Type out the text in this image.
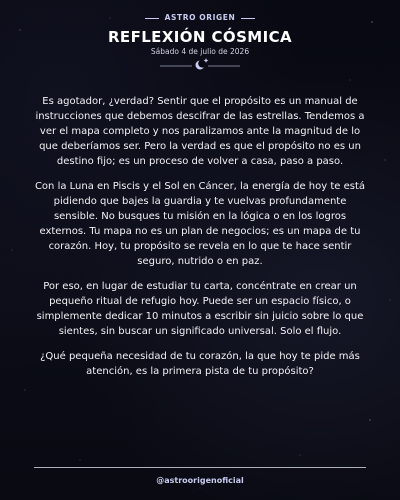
ASTRO ORIGEN
REFLEXIÓN CÓSMICA
Sábado 4 de julio de 2026

Es agotador, ¿verdad? Sentir que el propósito es un manual de instrucciones que debemos descifrar de las estrellas. Tendemos a ver el mapa completo y nos paralizamos ante la magnitud de lo que deberíamos ser. Pero la verdad es que el propósito no es un destino fijo; es un proceso de volver a casa, paso a paso.

Con la Luna en Piscis y el Sol en Cáncer, la energía de hoy te está pidiendo que bajes la guardia y te vuelvas profundamente sensible. No busques tu misión en la lógica o en los logros externos. Tu mapa no es un plan de negocios; es un mapa de tu corazón. Hoy, tu propósito se revela en lo que te hace sentir seguro, nutrido o en paz.

Por eso, en lugar de estudiar tu carta, concéntrate en crear un pequeño ritual de refugio hoy. Puede ser un espacio físico, o simplemente dedicar 10 minutos a escribir sin juicio sobre lo que sientes, sin buscar un significado universal. Solo el flujo.

¿Qué pequeña necesidad de tu corazón, la que hoy te pide más atención, es la primera pista de tu propósito?

@astroorigenoficial
